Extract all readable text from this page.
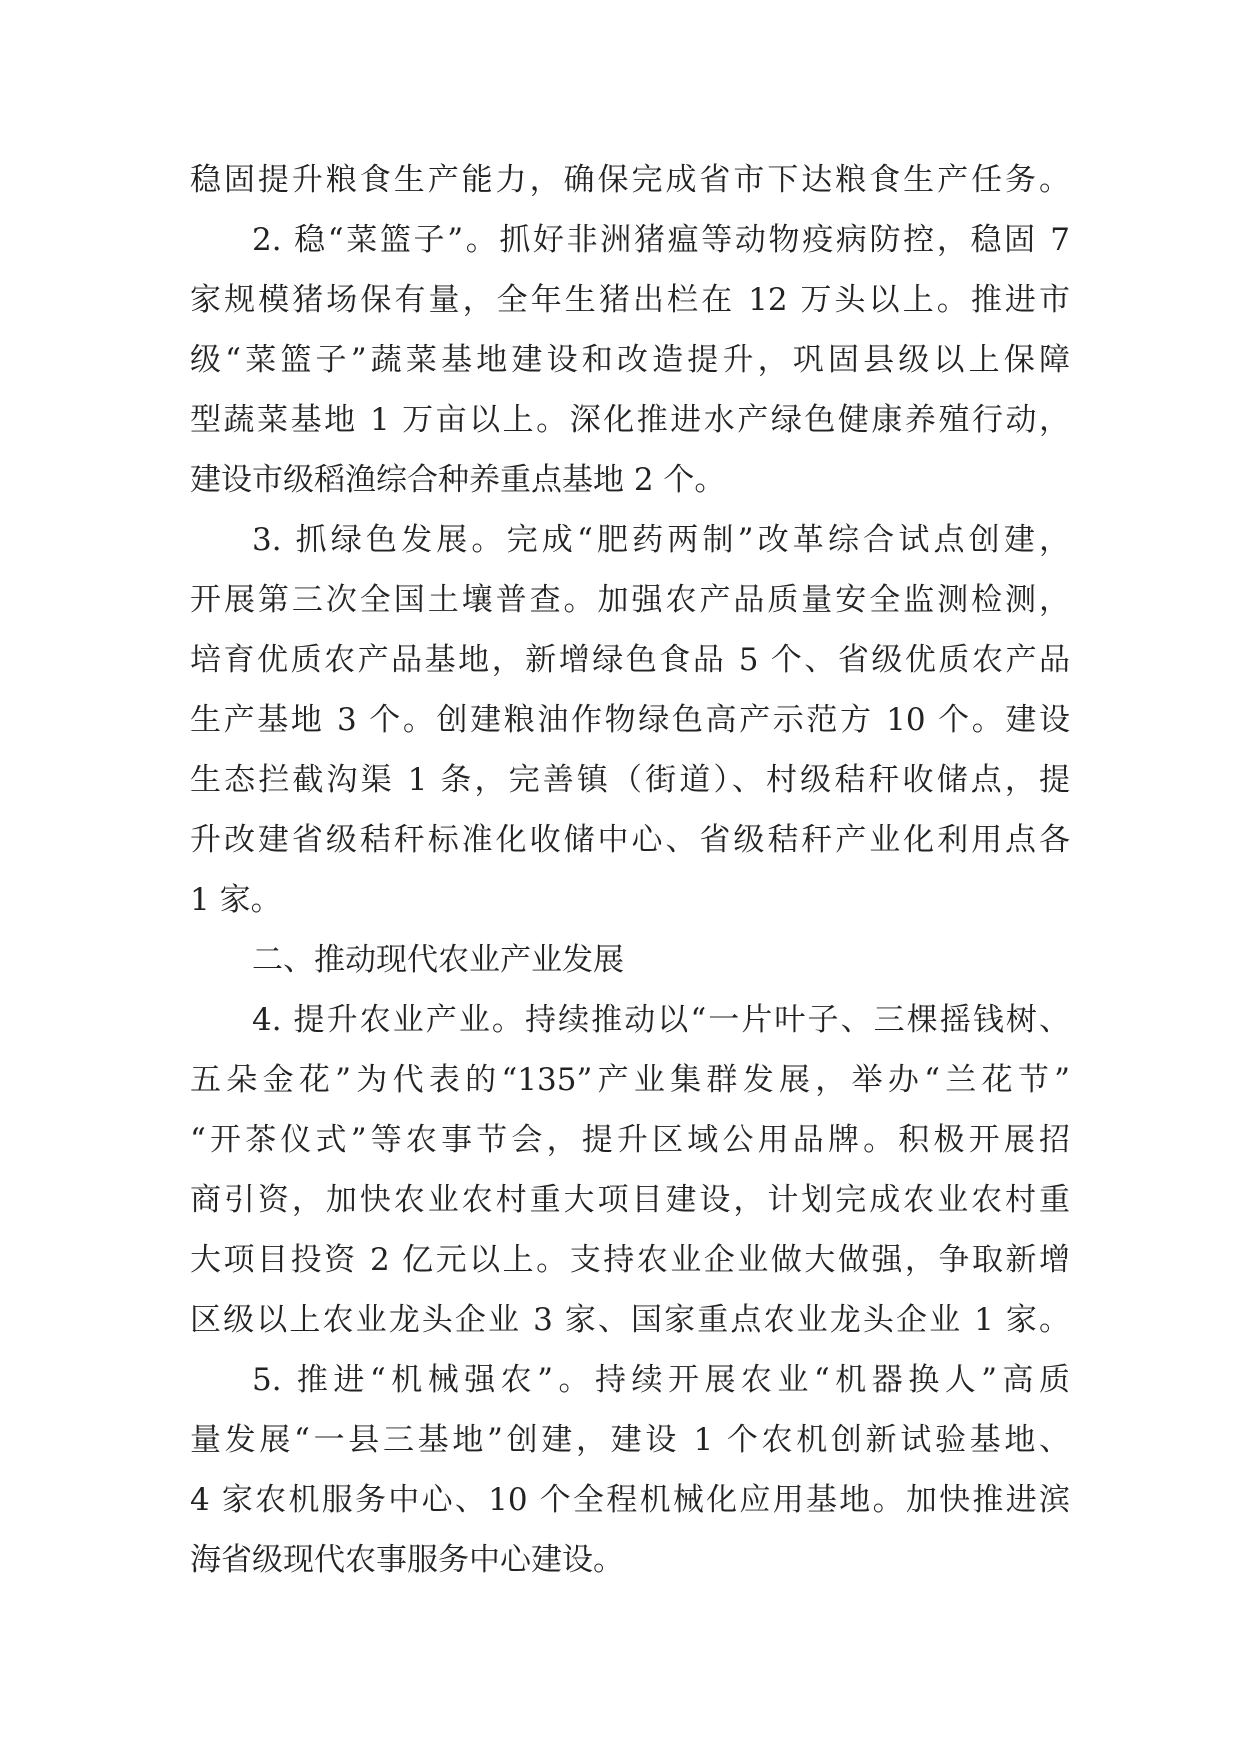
稳固提升粮食生产能力，确保完成省市下达粮食生产任务。
2. 稳“菜篮子”。抓好非洲猪瘟等动物疫病防控，稳固 7
家规模猪场保有量，全年生猪出栏在 12 万头以上。推进市
级“菜篮子”蔬菜基地建设和改造提升，巩固县级以上保障
型蔬菜基地 1 万亩以上。深化推进水产绿色健康养殖行动，
建设市级稻渔综合种养重点基地 2 个。
3. 抓绿色发展。完成“肥药两制”改革综合试点创建，
开展第三次全国土壤普查。加强农产品质量安全监测检测，
培育优质农产品基地，新增绿色食品 5 个、省级优质农产品
生产基地 3 个。创建粮油作物绿色高产示范方 10 个。建设
生态拦截沟渠 1 条，完善镇（街道）、村级秸秆收储点，提
升改建省级秸秆标准化收储中心、省级秸秆产业化利用点各
1 家。
二、推动现代农业产业发展
4. 提升农业产业。持续推动以“一片叶子、三棵摇钱树、
五朵金花”为代表的“135”产业集群发展，举办“兰花节”
“开茶仪式”等农事节会，提升区域公用品牌。积极开展招
商引资，加快农业农村重大项目建设，计划完成农业农村重
大项目投资 2 亿元以上。支持农业企业做大做强，争取新增
区级以上农业龙头企业 3 家、国家重点农业龙头企业 1 家。
5. 推进“机械强农”。持续开展农业“机器换人”高质
量发展“一县三基地”创建，建设 1 个农机创新试验基地、
4 家农机服务中心、10 个全程机械化应用基地。加快推进滨
海省级现代农事服务中心建设。
